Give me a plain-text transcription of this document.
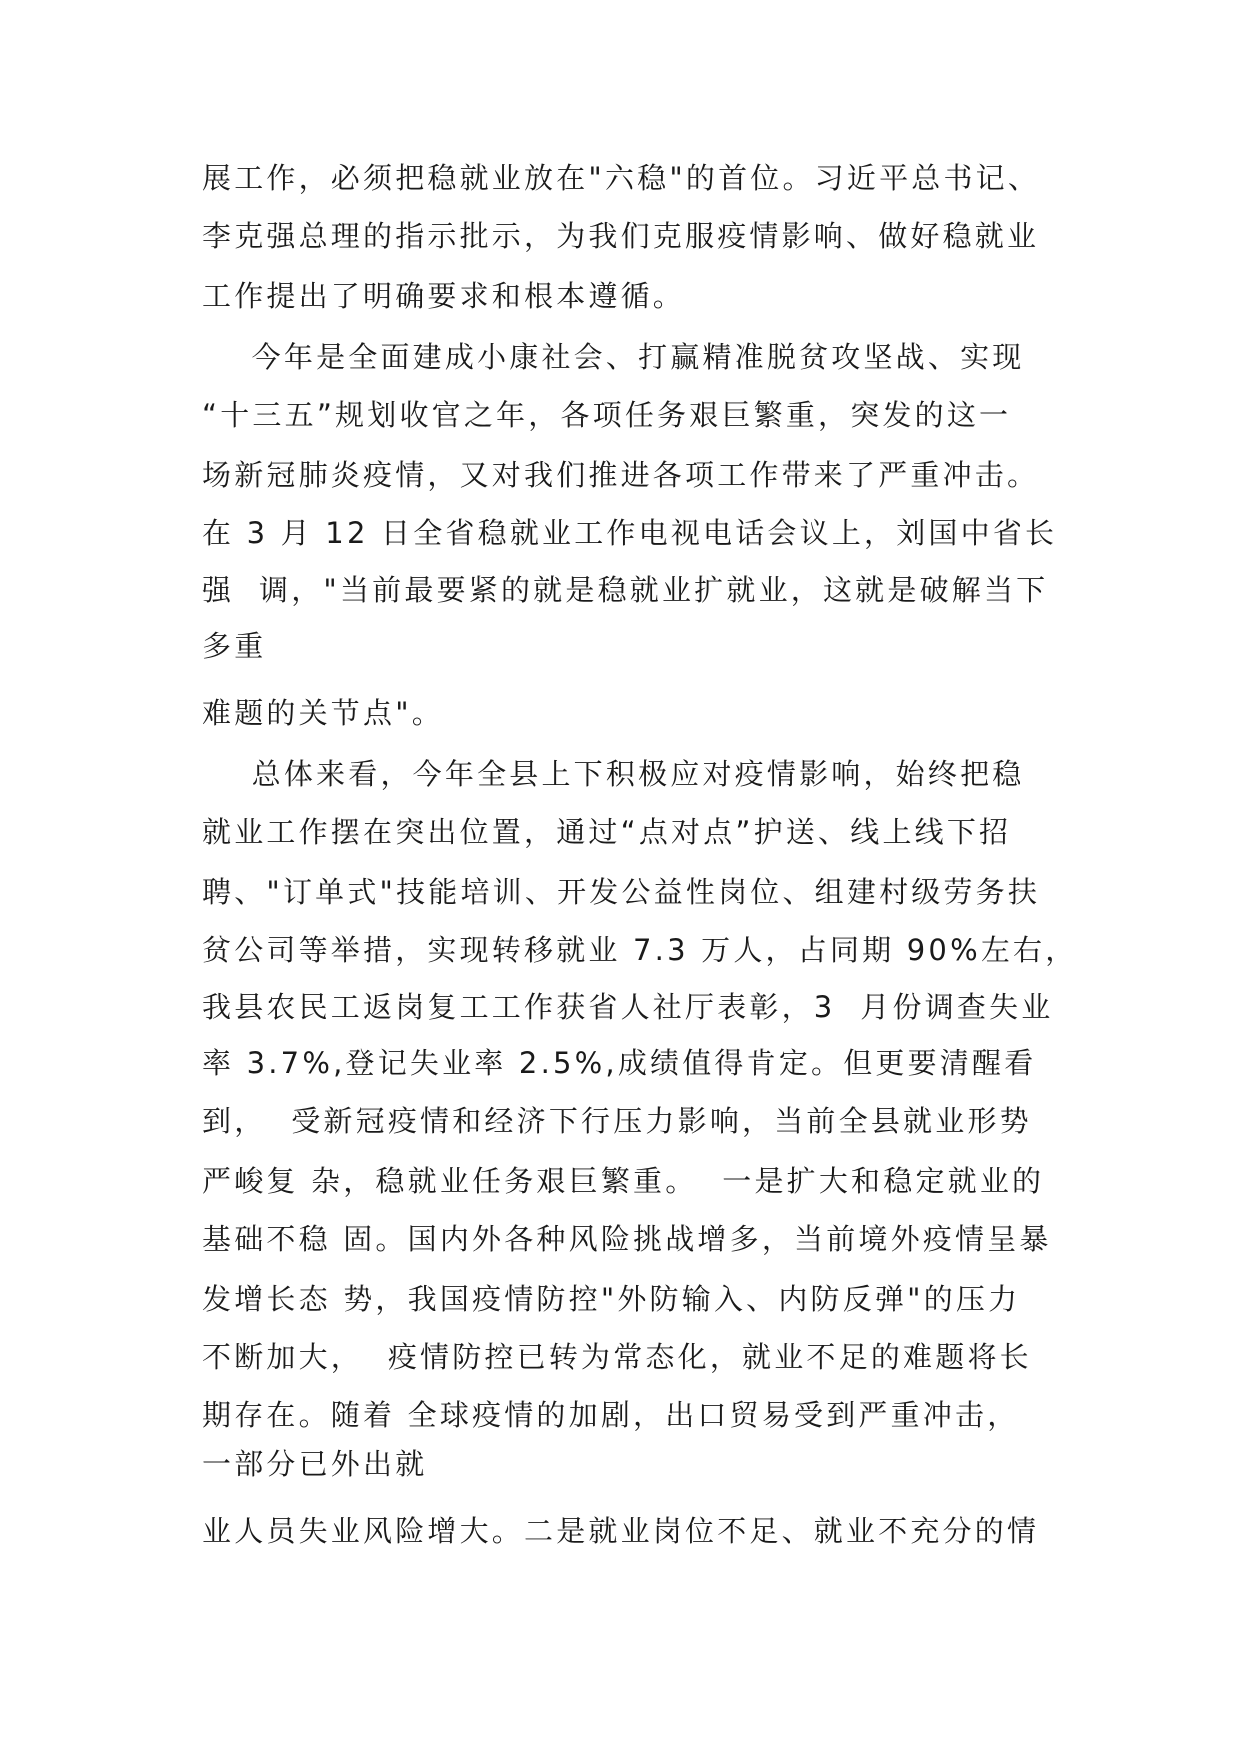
展工作，必须把稳就业放在"六稳"的首位。习近平总书记、

李克强总理的指示批示，为我们克服疫情影响、做好稳就业

工作提出了明确要求和根本遵循。

今年是全面建成小康社会、打赢精准脱贫攻坚战、实现

“十三五”规划收官之年，各项任务艰巨繁重，突发的这一

场新冠肺炎疫情，又对我们推进各项工作带来了严重冲击。

在 3 月 12 日全省稳就业工作电视电话会议上，刘国中省长

强  调，"当前最要紧的就是稳就业扩就业，这就是破解当下

多重

难题的关节点"。

总体来看，今年全县上下积极应对疫情影响，始终把稳

就业工作摆在突出位置，通过“点对点”护送、线上线下招

聘、"订单式"技能培训、开发公益性岗位、组建村级劳务扶

贫公司等举措，实现转移就业 7.3 万人，占同期 90%左右，

我县农民工返岗复工工作获省人社厅表彰，3  月份调查失业

率 3.7%,登记失业率 2.5%,成绩值得肯定。但更要清醒看

到，  受新冠疫情和经济下行压力影响，当前全县就业形势

严峻复 杂，稳就业任务艰巨繁重。  一是扩大和稳定就业的

基础不稳 固。国内外各种风险挑战增多，当前境外疫情呈暴

发增长态 势，我国疫情防控"外防输入、内防反弹"的压力

不断加大，  疫情防控已转为常态化，就业不足的难题将长

期存在。随着 全球疫情的加剧，出口贸易受到严重冲击，

一部分已外出就

业人员失业风险增大。二是就业岗位不足、就业不充分的情
